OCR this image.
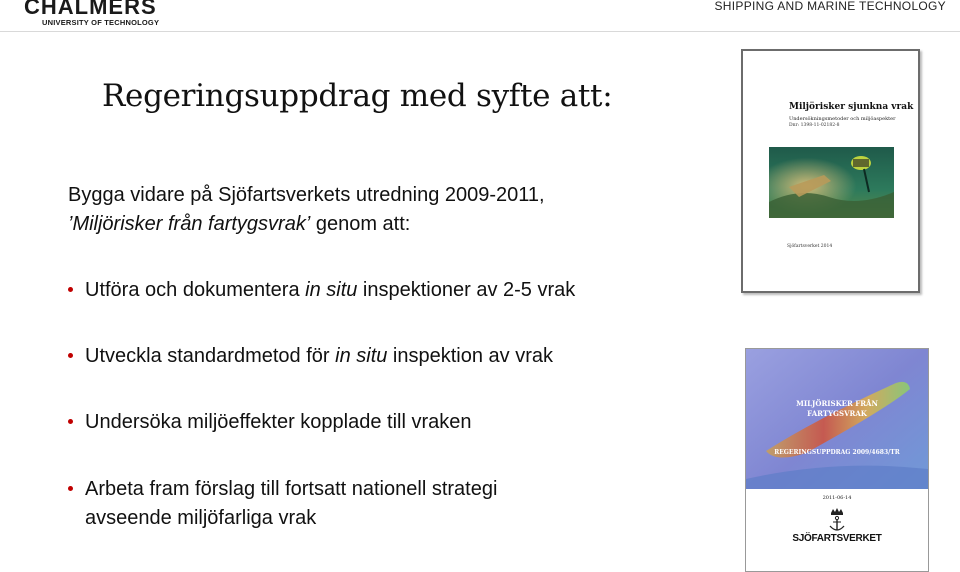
CHALMERS
UNIVERSITY OF TECHNOLOGY
SHIPPING AND MARINE TECHNOLOGY
Regeringsuppdrag med syfte att:
Bygga vidare på Sjöfartsverkets utredning 2009-2011,
’Miljörisker från fartygsvrak’ genom att:
Utföra och dokumentera in situ inspektioner av 2-5 vrak
Utveckla standardmetod för in situ inspektion av vrak
Undersöka miljöeffekter kopplade till vraken
Arbeta fram förslag till fortsatt nationell strategi
avseende miljöfarliga vrak
Miljörisker sjunkna vrak
Undersökningsmetoder och miljöaspekter
Dnr: 1398-11-02182-8
Sjöfartsverket 2014
MILJÖRISKER FRÅN
FARTYGSVRAK
REGERINGSUPPDRAG 2009/4683/TR
2011-06-14
SJÖFARTSVERKET
